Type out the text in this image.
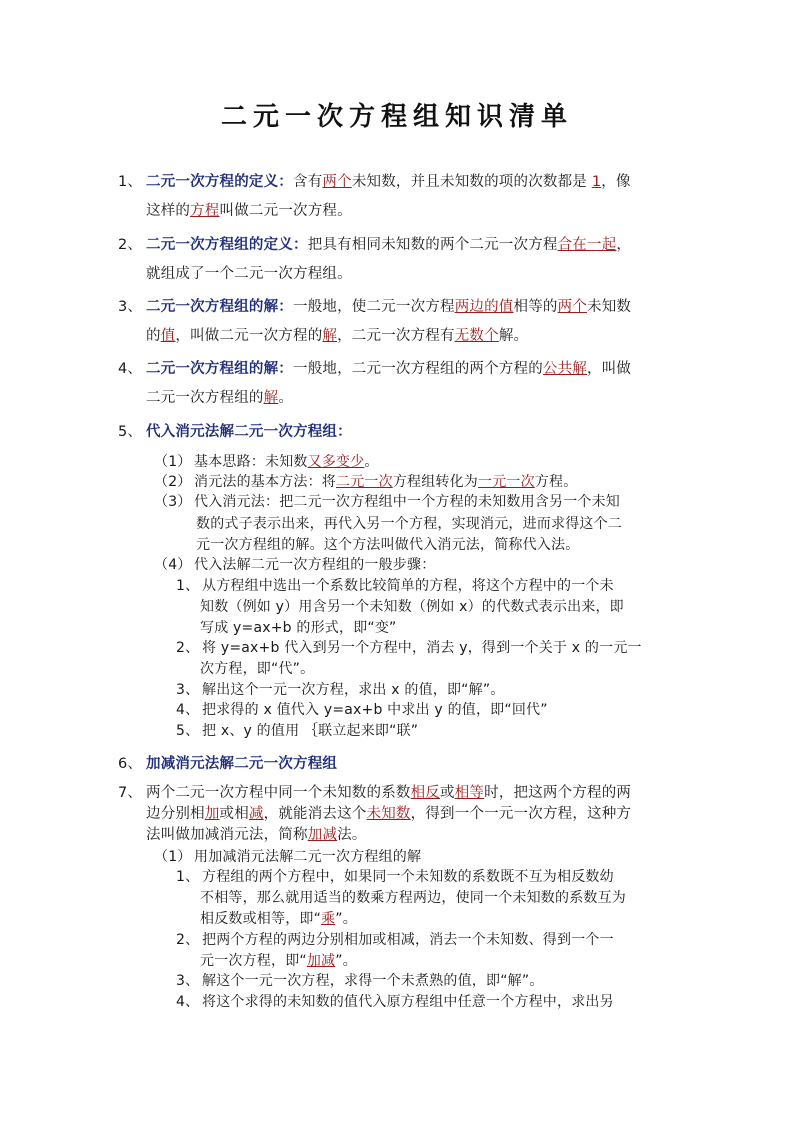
二元一次方程组知识清单
1、 二元一次方程的定义：含有两个未知数，并且未知数的项的次数都是 1，像
这样的方程叫做二元一次方程。
2、 二元一次方程组的定义：把具有相同未知数的两个二元一次方程合在一起，
就组成了一个二元一次方程组。
3、 二元一次方程组的解：一般地，使二元一次方程两边的值相等的两个未知数
的值，叫做二元一次方程的解，二元一次方程有无数个解。
4、 二元一次方程组的解：一般地，二元一次方程组的两个方程的公共解，叫做
二元一次方程组的解。
5、 代入消元法解二元一次方程组：
（1） 基本思路：未知数又多变少。
（2） 消元法的基本方法：将二元一次方程组转化为一元一次方程。
（3） 代入消元法：把二元一次方程组中一个方程的未知数用含另一个未知
数的式子表示出来，再代入另一个方程，实现消元，进而求得这个二
元一次方程组的解。这个方法叫做代入消元法，简称代入法。
（4） 代入法解二元一次方程组的一般步骤：
1、 从方程组中选出一个系数比较简单的方程，将这个方程中的一个未
知数（例如 y）用含另一个未知数（例如 x）的代数式表示出来，即
写成 y=ax+b 的形式，即“变”
2、 将 y=ax+b 代入到另一个方程中，消去 y，得到一个关于 x 的一元一
次方程，即“代”。
3、 解出这个一元一次方程，求出 x 的值，即“解”。
4、 把求得的 x 值代入 y=ax+b 中求出 y 的值，即“回代”
5、 把 x、y 的值用 ｛联立起来即“联”
6、 加减消元法解二元一次方程组
7、 两个二元一次方程中同一个未知数的系数相反或相等时，把这两个方程的两
边分别相加或相减，就能消去这个未知数，得到一个一元一次方程，这种方
法叫做加减消元法，简称加减法。
（1） 用加减消元法解二元一次方程组的解
1、 方程组的两个方程中，如果同一个未知数的系数既不互为相反数幼
不相等，那么就用适当的数乘方程两边，使同一个未知数的系数互为
相反数或相等，即“乘”。
2、 把两个方程的两边分别相加或相减，消去一个未知数、得到一个一
元一次方程，即“加减”。
3、 解这个一元一次方程，求得一个未煮熟的值，即“解”。
4、 将这个求得的未知数的值代入原方程组中任意一个方程中，求出另
